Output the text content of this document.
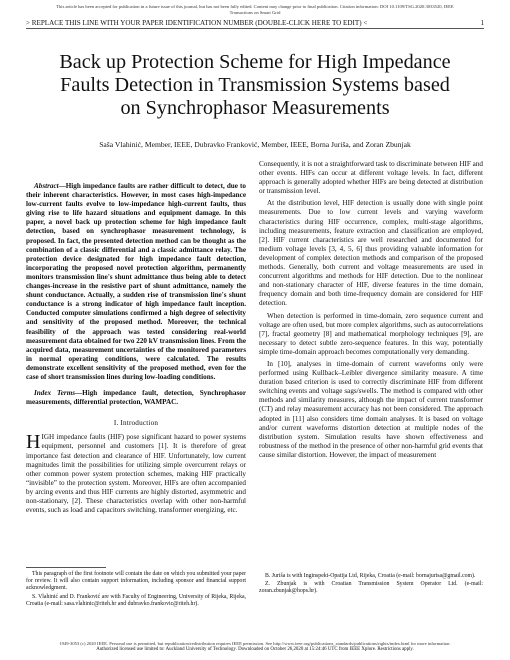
This article has been accepted for publication in a future issue of this journal, but has not been fully edited. Content may change prior to final publication. Citation information: DOI 10.1109/TSG.2020.3033520, IEEE
Transactions on Smart Grid
> REPLACE THIS LINE WITH YOUR PAPER IDENTIFICATION NUMBER (DOUBLE-CLICK HERE TO EDIT) <	1
Back up Protection Scheme for High Impedance
Faults Detection in Transmission Systems based
on Synchrophasor Measurements
Saša Vlahinić, Member, IEEE, Dubravko Franković, Member, IEEE, Borna Juriša, and Zoran Zbunjak

Abstract—High impedance faults are rather difficult to detect, due to their inherent characteristics. However, in most cases high-impedance low-current faults evolve to low-impedance high-current faults, thus giving rise to life hazard situations and equipment damage. In this paper, a novel back up protection scheme for high impedance fault detection, based on synchrophasor measurement technology, is proposed. In fact, the presented detection method can be thought as the combination of a classic differential and a classic admittance relay. The protection device designated for high impedance fault detection, incorporating the proposed novel protection algorithm, permanently monitors transmission line's shunt admittance thus being able to detect changes-increase in the resistive part of shunt admittance, namely the shunt conductance. Actually, a sudden rise of transmission line's shunt conductance is a strong indicator of high impedance fault inception. Conducted computer simulations confirmed a high degree of selectivity and sensitivity of the proposed method. Moreover, the technical feasibility of the approach was tested considering real-world measurement data obtained for two 220 kV transmission lines. From the acquired data, measurement uncertainties of the monitored parameters in normal operating conditions, were calculated. The results demonstrate excellent sensitivity of the proposed method, even for the case of short transmission lines during low-loading conditions.

Index Terms—High impedance fault, detection, Synchrophasor measurements, differential protection, WAMPAC.

I. Introduction

HIGH impedance faults (HIF) pose significant hazard to power systems equipment, personnel and customers [1]. It is therefore of great importance fast detection and clearance of HIF. Unfortunately, low current magnitudes limit the possibilities for utilizing simple overcurrent relays or other common power system protection schemes, making HIF practically “invisible” to the protection system. Moreover, HIFs are often accompanied by arcing events and thus HIF currents are highly distorted, asymmetric and non-stationary, [2]. These characteristics overlap with other non-harmful events, such as load and capacitors switching, transformer energizing, etc.

Consequently, it is not a straightforward task to discriminate between HIF and other events. HIFs can occur at different voltage levels. In fact, different approach is generally adopted whether HIFs are being detected at distribution or transmission level.

At the distribution level, HIF detection is usually done with single point measurements. Due to low current levels and varying waveform characteristics during HIF occurrence, complex, multi-stage algorithms, including measurements, feature extraction and classification are employed, [2]. HIF current characteristics are well researched and documented for medium voltage levels [3, 4, 5, 6] thus providing valuable information for development of complex detection methods and comparison of the proposed methods. Generally, both current and voltage measurements are used in concurrent algorithms and methods for HIF detection. Due to the nonlinear and non-stationary character of HIF, diverse features in the time domain, frequency domain and both time-frequency domain are considered for HIF detection.

When detection is performed in time-domain, zero sequence current and voltage are often used, but more complex algorithms, such as autocorrelations [7], fractal geometry [8] and mathematical morphology techniques [9], are necessary to detect subtle zero-sequence features. In this way, potentially simple time-domain approach becomes computationally very demanding.

In [10], analyses in time-domain of current waveforms only were performed using Kullback–Leibler divergence similarity measure. A time duration based criterion is used to correctly discriminate HIF from different switching events and voltage sags/swells. The method is compared with other methods and similarity measures, although the impact of current transformer (CT) and relay measurement accuracy has not been considered. The approach adopted in [11] also considers time domain analyses. It is based on voltage and/or current waveforms distortion detection at multiple nodes of the distribution system. Simulation results have shown effectiveness and robustness of the method in the presence of other non-harmful grid events that cause similar distortion. However, the impact of measurement

This paragraph of the first footnote will contain the date on which you submitted your paper for review. It will also contain support information, including sponsor and financial support acknowledgment.

S. Vlahinić and D. Franković are with Faculty of Engineering, University of Rijeka, Rijeka, Croatia (e-mail: sasa.vlahinic@riteh.hr and dubravko.frankovic@riteh.hr).

B. Juriša is with Inginspekt-Opatija Ltd, Rijeka, Croatia (e-mail: bornajurisa@gmail.com).

Z. Zbunjak is with Croatian Transmission System Operator Ltd. (e-mail: zoran.zbunjak@hops.hr).

1949-3053 (c) 2020 IEEE. Personal use is permitted, but republication/redistribution requires IEEE permission. See http://www.ieee.org/publications_standards/publications/rights/index.html for more information.
Authorized licensed use limited to: Auckland University of Technology. Downloaded on October 26,2020 at 15:24:46 UTC from IEEE Xplore. Restrictions apply.
